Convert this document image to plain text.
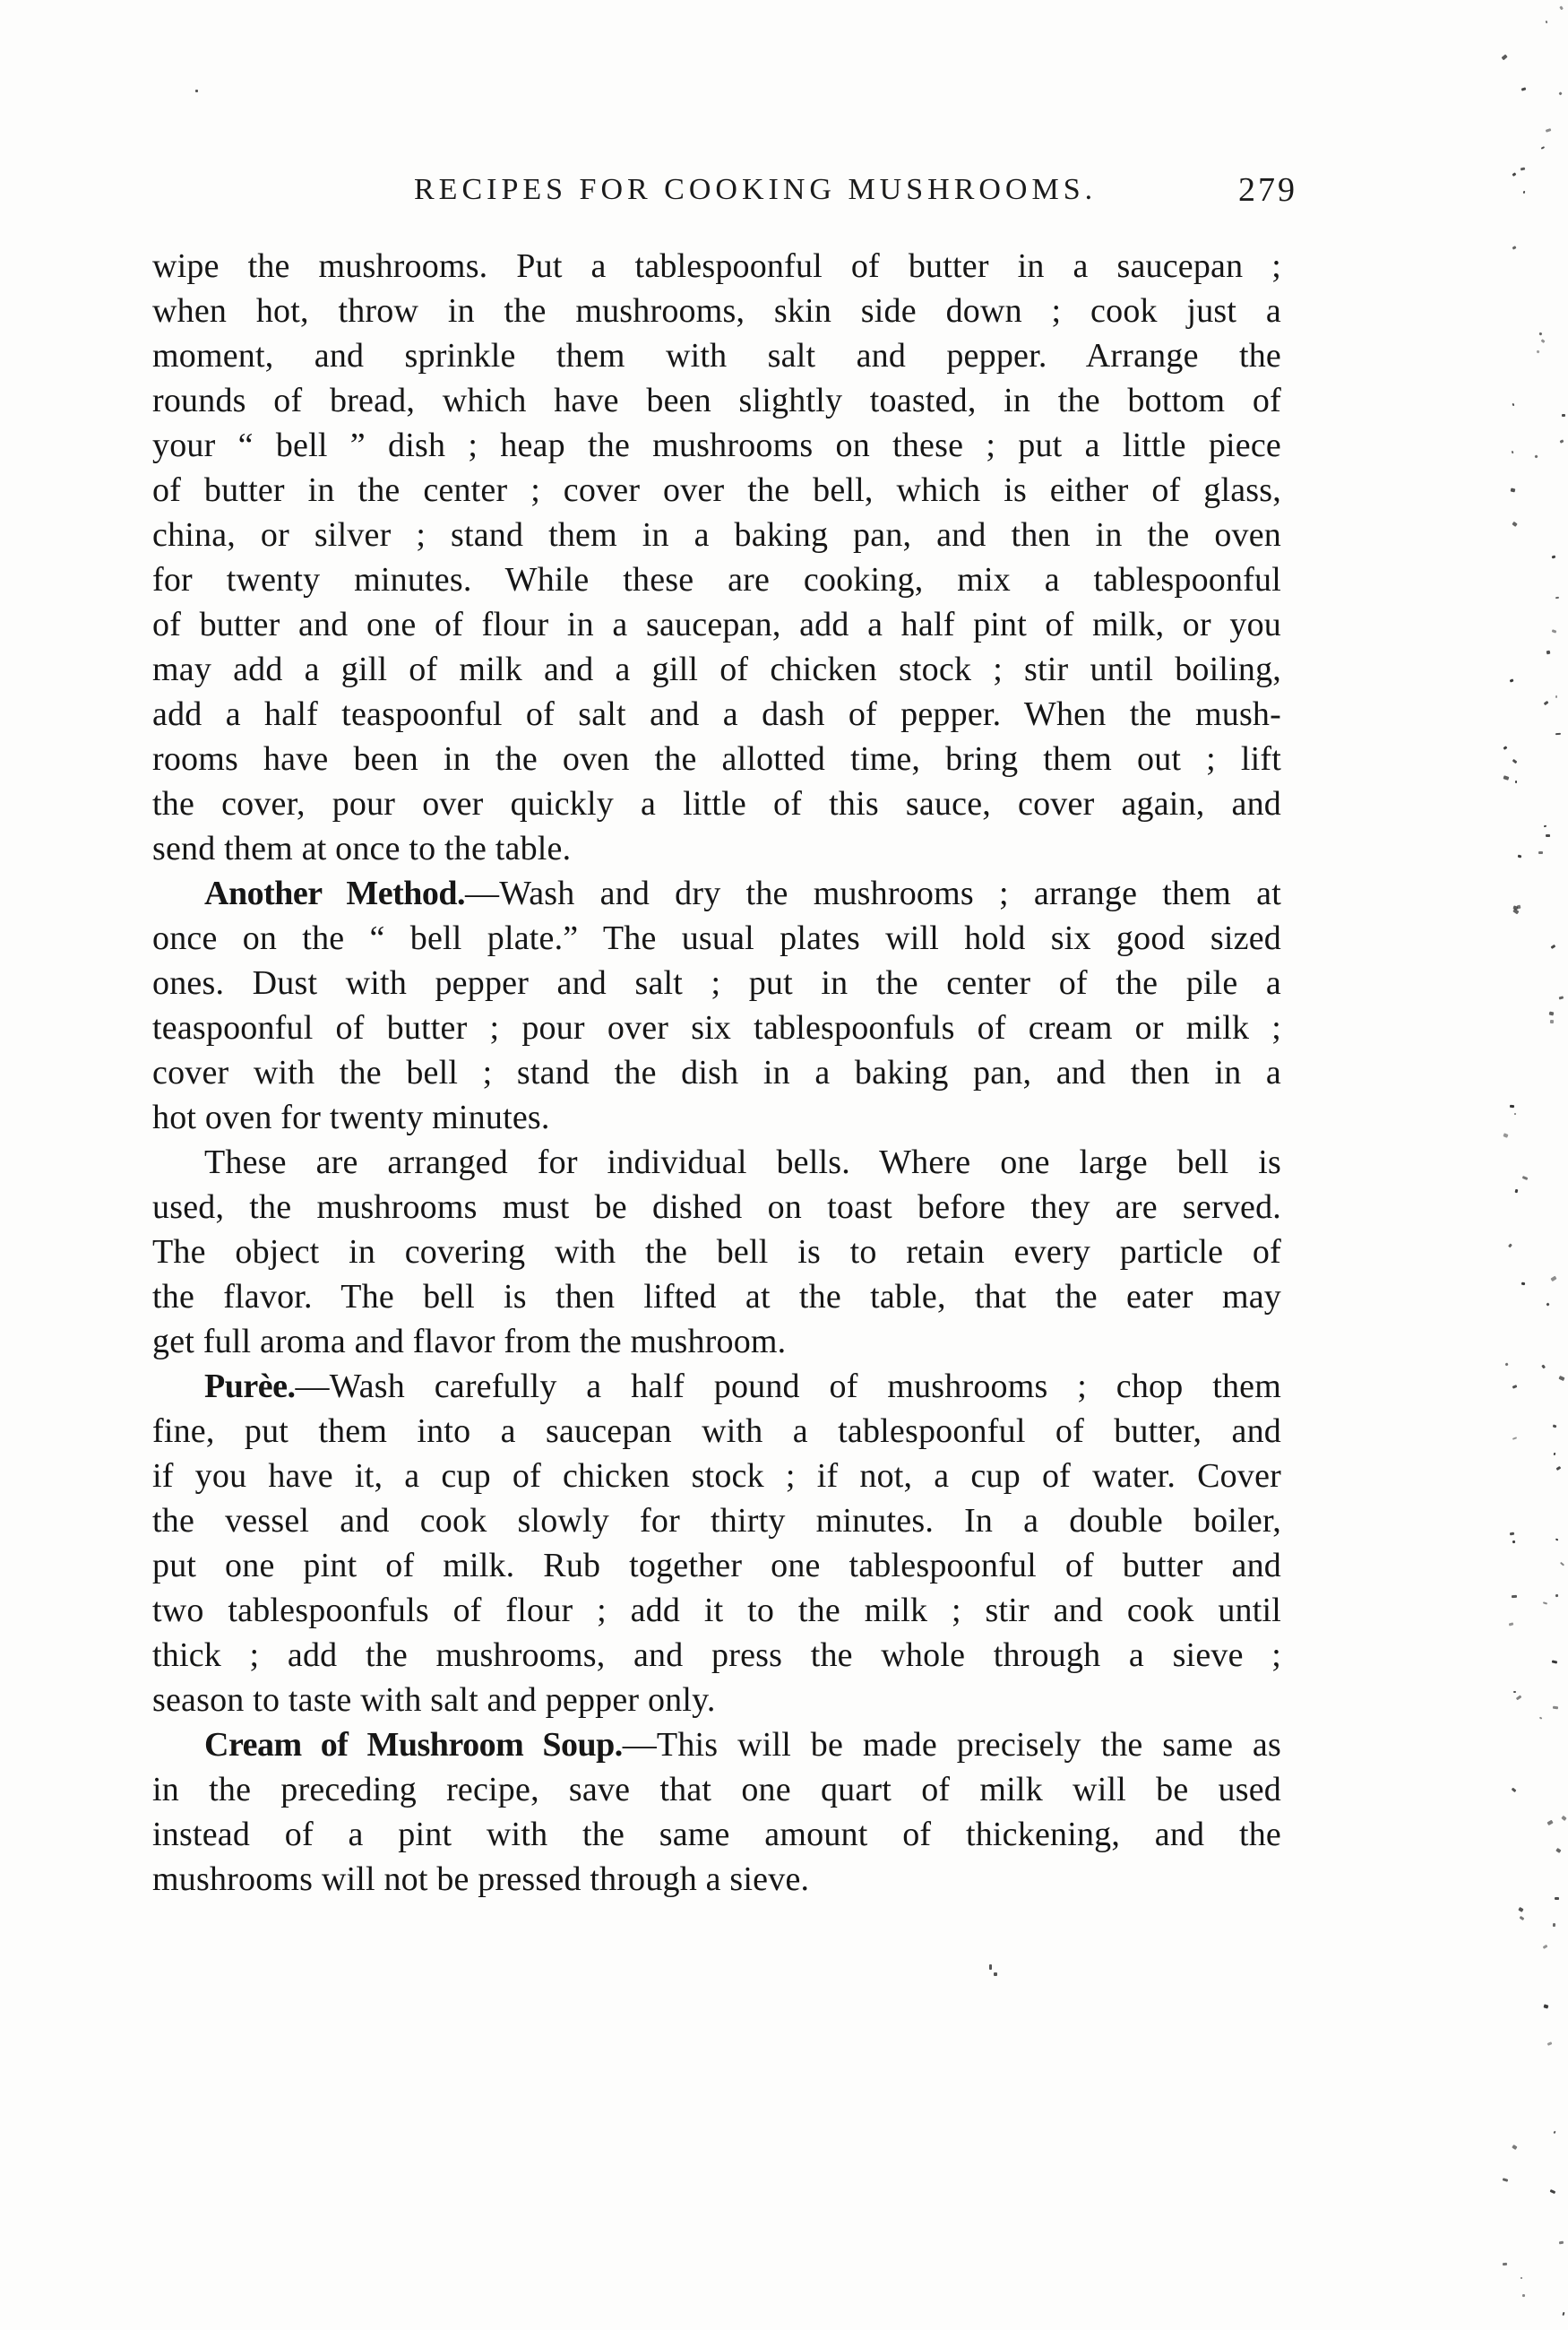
RECIPES FOR COOKING MUSHROOMS.	279
wipe the mushrooms. Put a tablespoonful of butter in a saucepan ;
when hot, throw in the mushrooms, skin side down ; cook just a
moment, and sprinkle them with salt and pepper. Arrange the
rounds of bread, which have been slightly toasted, in the bottom of
your “ bell ” dish ; heap the mushrooms on these ; put a little piece
of butter in the center ; cover over the bell, which is either of glass,
china, or silver ; stand them in a baking pan, and then in the oven
for twenty minutes. While these are cooking, mix a tablespoonful
of butter and one of flour in a saucepan, add a half pint of milk, or you
may add a gill of milk and a gill of chicken stock ; stir until boiling,
add a half teaspoonful of salt and a dash of pepper. When the mush-
rooms have been in the oven the allotted time, bring them out ; lift
the cover, pour over quickly a little of this sauce, cover again, and
send them at once to the table.
Another Method.—Wash and dry the mushrooms ; arrange them at
once on the “ bell plate.” The usual plates will hold six good sized
ones. Dust with pepper and salt ; put in the center of the pile a
teaspoonful of butter ; pour over six tablespoonfuls of cream or milk ;
cover with the bell ; stand the dish in a baking pan, and then in a
hot oven for twenty minutes.
These are arranged for individual bells. Where one large bell is
used, the mushrooms must be dished on toast before they are served.
The object in covering with the bell is to retain every particle of
the flavor. The bell is then lifted at the table, that the eater may
get full aroma and flavor from the mushroom.
Purèe.—Wash carefully a half pound of mushrooms ; chop them
fine, put them into a saucepan with a tablespoonful of butter, and
if you have it, a cup of chicken stock ; if not, a cup of water. Cover
the vessel and cook slowly for thirty minutes. In a double boiler,
put one pint of milk. Rub together one tablespoonful of butter and
two tablespoonfuls of flour ; add it to the milk ; stir and cook until
thick ; add the mushrooms, and press the whole through a sieve ;
season to taste with salt and pepper only.
Cream of Mushroom Soup.—This will be made precisely the same as
in the preceding recipe, save that one quart of milk will be used
instead of a pint with the same amount of thickening, and the
mushrooms will not be pressed through a sieve.
